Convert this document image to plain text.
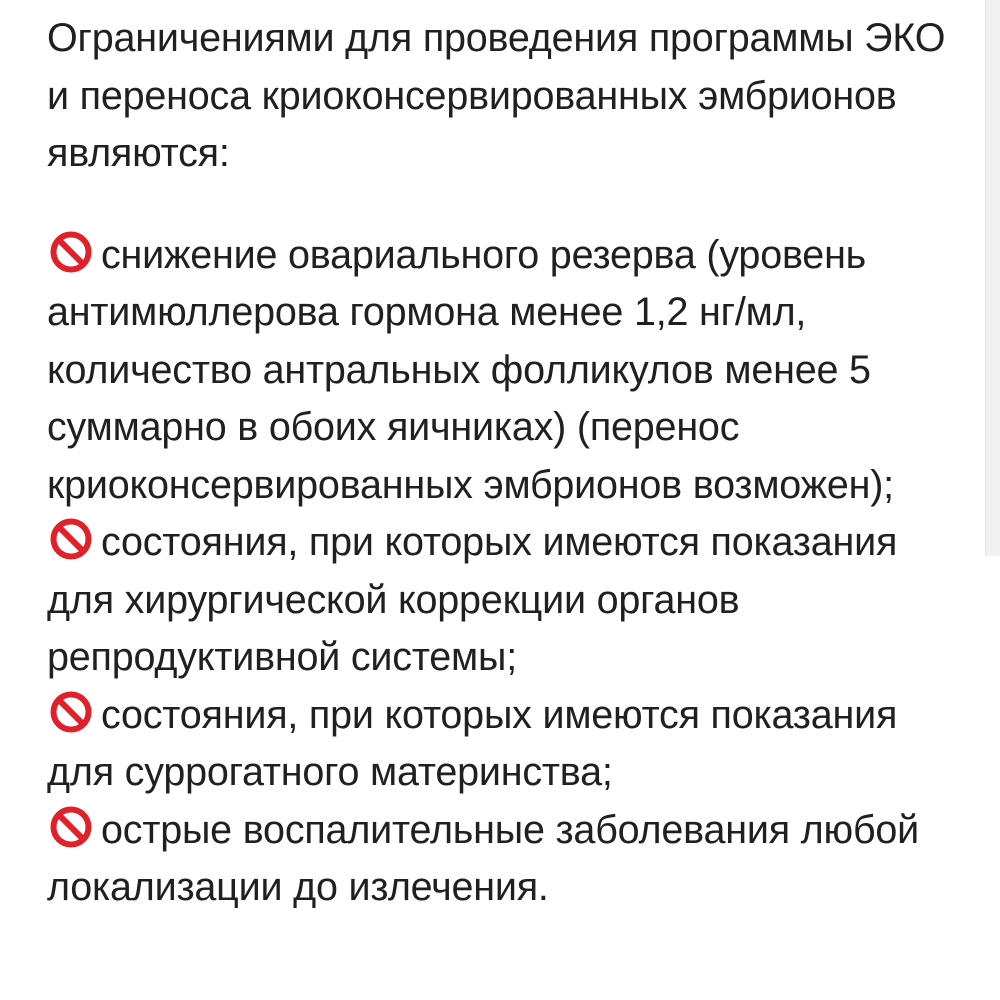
Ограничениями для проведения программы ЭКО и переноса криоконсервированных эмбрионов являются:

снижение овариального резерва (уровень антимюллерова гормона менее 1,2 нг/мл, количество антральных фолликулов менее 5 суммарно в обоих яичниках) (перенос криоконсервированных эмбрионов возможен);
состояния, при которых имеются показания для хирургической коррекции органов репродуктивной системы;
состояния, при которых имеются показания для суррогатного материнства;
острые воспалительные заболевания любой локализации до излечения.
